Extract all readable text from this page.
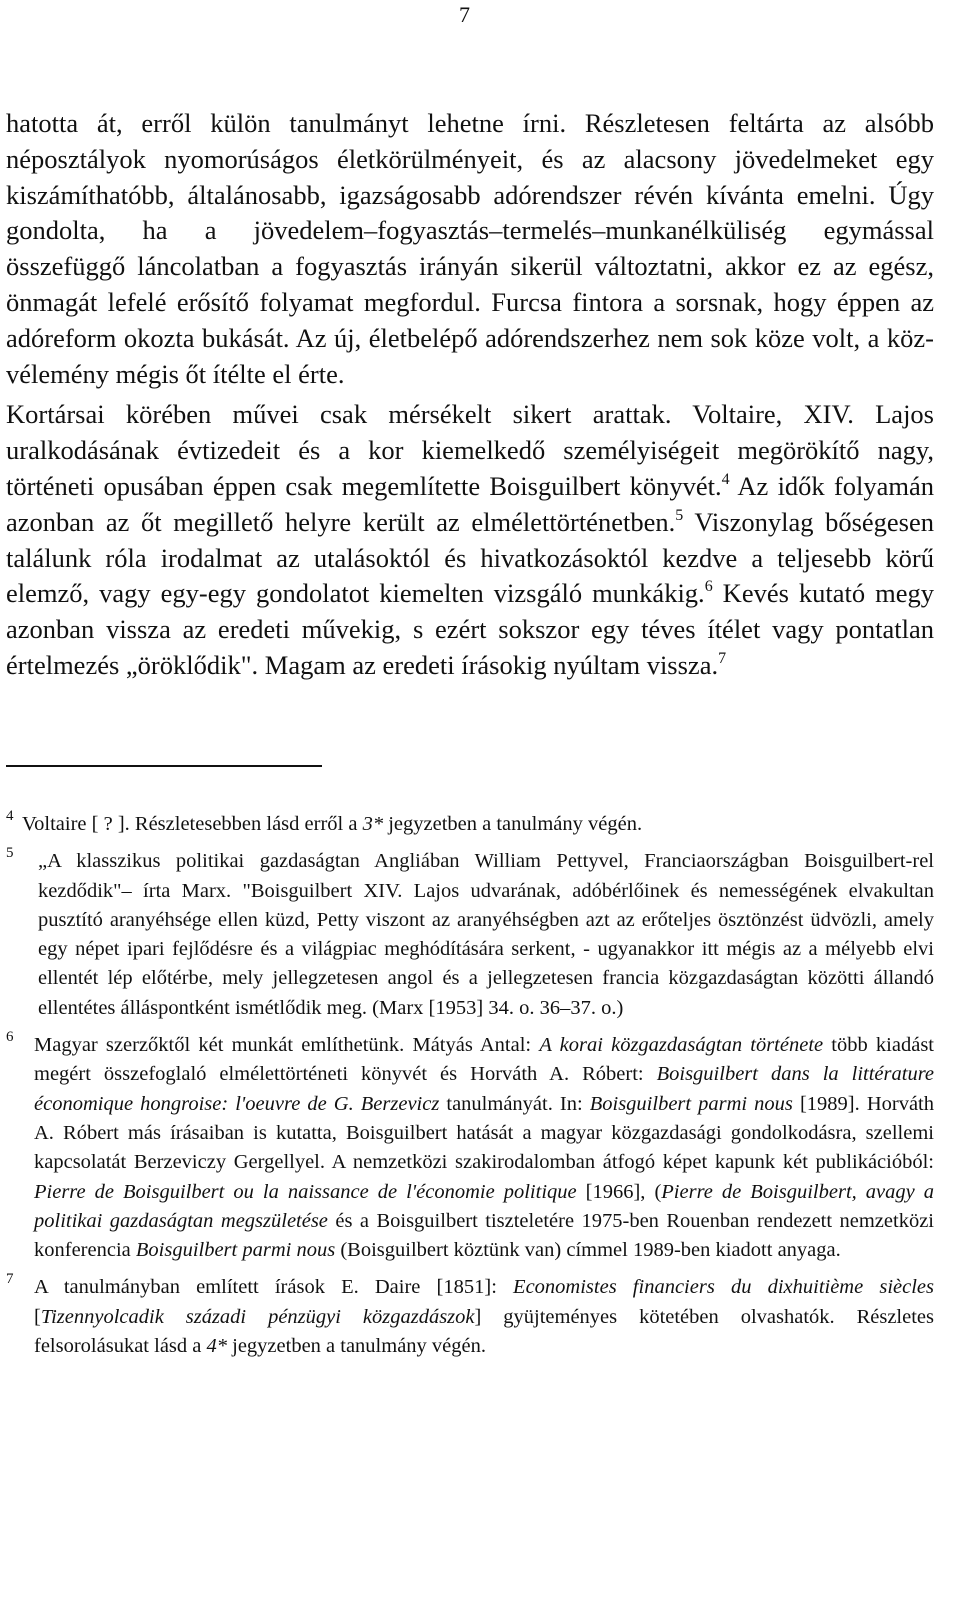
7

hatotta át, erről külön tanulmányt lehetne írni. Részletesen feltárta az alsóbb néposztályok nyomorúságos életkörülményeit, és az alacsony jövedelmeket egy kiszámíthatóbb, általánosabb, igazságosabb adórendszer révén kívánta emelni. Úgy gondolta, ha a jövedelem–fogyasztás–termelés–munkanélküliség egymással összefüggő láncolatban a fogyasztás irányán sikerül változtatni, akkor ez az egész, önmagát lefelé erősítő folyamat megfordul. Furcsa fintora a sorsnak, hogy éppen az adóreform okozta bukását. Az új, életbelépő adórendszerhez nem sok köze volt, a közvélemény mégis őt ítélte el érte.

Kortársai körében művei csak mérsékelt sikert arattak. Voltaire, XIV. Lajos uralkodásának évtizedeit és a kor kiemelkedő személyiségeit megörökítő nagy, történeti opusában éppen csak megemlítette Boisguilbert könyvét.$^4$ Az idők folyamán azonban az őt megillető helyre került az elmélettörténetben.$^5$ Viszonylag bőségesen találunk róla irodalmat az utalásoktól és hivatkozásoktól kezdve a teljesebb körű elemző, vagy egy-egy gondolatot kiemelten vizsgáló munkákig.$^6$ Kevés kutató megy azonban vissza az eredeti művekig, s ezért sokszor egy téves ítélet vagy pontatlan értelmezés „öröklődik". Magam az eredeti írásokig nyúltam vissza.$^7$

4 Voltaire [ ? ]. Részletesebben lásd erről a 3* jegyzetben a tanulmány végén.

5 „A klasszikus politikai gazdaságtan Angliában William Pettyvel, Franciaországban Boisguilbert-rel kezdődik"– írta Marx. "Boisguilbert XIV. Lajos udvarának, adóbérlőinek és nemességének elvakultan pusztító aranyéhsége ellen küzd, Petty viszont az aranyéhségben azt az erőteljes ösztönzést üdvözli, amely egy népet ipari fejlődésre és a világpiac meghódítására serkent, - ugyanakkor itt mégis az a mélyebb elvi ellentét lép előtérbe, mely jellegzetesen angol és a jellegzetesen francia közgazdaságtan közötti állandó ellentétes álláspontként ismétlődik meg. (Marx [1953] 34. o. 36–37. o.)

6 Magyar szerzőktől két munkát említhetünk. Mátyás Antal: A korai közgazdaságtan története több kiadást megért összefoglaló elmélettörténeti könyvét és Horváth A. Róbert: Boisguilbert dans la littérature économique hongroise: l'oeuvre de G. Berzevicz tanulmányát. In: Boisguilbert parmi nous [1989]. Horváth A. Róbert más írásaiban is kutatta, Boisguilbert hatását a magyar közgazdasági gondolkodásra, szellemi kapcsolatát Berzeviczy Gergellyel. A nemzetközi szakirodalomban átfogó képet kapunk két publikációból: Pierre de Boisguilbert ou la naissance de l'économie politique [1966], (Pierre de Boisguilbert, avagy a politikai gazdaságtan megszületése és a Boisguilbert tiszteletére 1975-ben Rouenban rendezett nemzetközi konferencia Boisguilbert parmi nous (Boisguilbert köztünk van) címmel 1989-ben kiadott anyaga.

7 A tanulmányban említett írások E. Daire [1851]: Economistes financiers du dixhuitième siècles [Tizennyolcadik századi pénzügyi közgazdászok] gyüjteményes kötetében olvashatók. Részletes felsorolásukat lásd a 4* jegyzetben a tanulmány végén.
